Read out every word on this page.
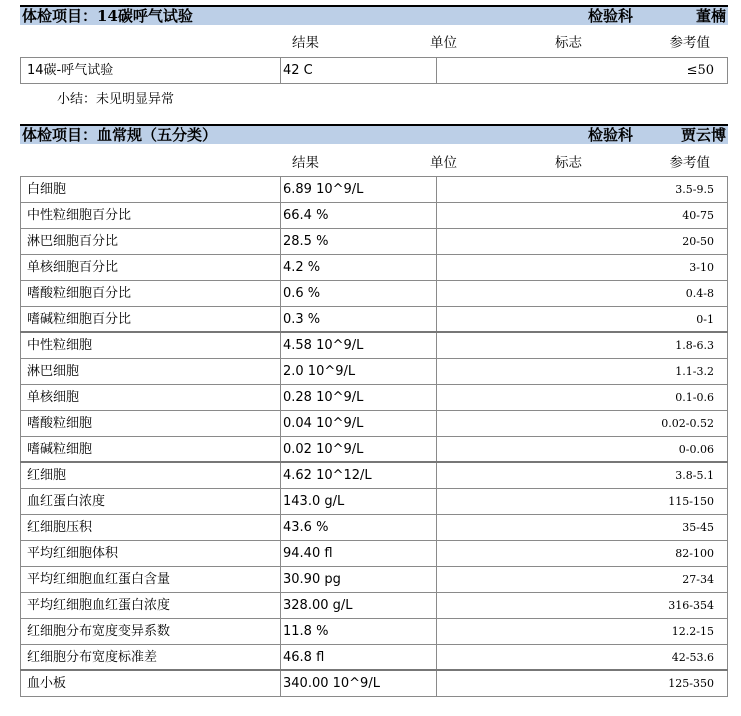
体检项目：14碳呼气试验	检验科	董楠
结果	单位	标志	参考值
14碳-呼气试验	42 C	≤50
小结：未见明显异常
体检项目：血常规（五分类）	检验科	贾云博
结果	单位	标志	参考值
白细胞	6.89 10^9/L	3.5-9.5
中性粒细胞百分比	66.4 %	40-75
淋巴细胞百分比	28.5 %	20-50
单核细胞百分比	4.2 %	3-10
嗜酸粒细胞百分比	0.6 %	0.4-8
嗜碱粒细胞百分比	0.3 %	0-1
中性粒细胞	4.58 10^9/L	1.8-6.3
淋巴细胞	2.0 10^9/L	1.1-3.2
单核细胞	0.28 10^9/L	0.1-0.6
嗜酸粒细胞	0.04 10^9/L	0.02-0.52
嗜碱粒细胞	0.02 10^9/L	0-0.06
红细胞	4.62 10^12/L	3.8-5.1
血红蛋白浓度	143.0 g/L	115-150
红细胞压积	43.6 %	35-45
平均红细胞体积	94.40 fl	82-100
平均红细胞血红蛋白含量	30.90 pg	27-34
平均红细胞血红蛋白浓度	328.00 g/L	316-354
红细胞分布宽度变异系数	11.8 %	12.2-15
红细胞分布宽度标准差	46.8 fl	42-53.6
血小板	340.00 10^9/L	125-350
